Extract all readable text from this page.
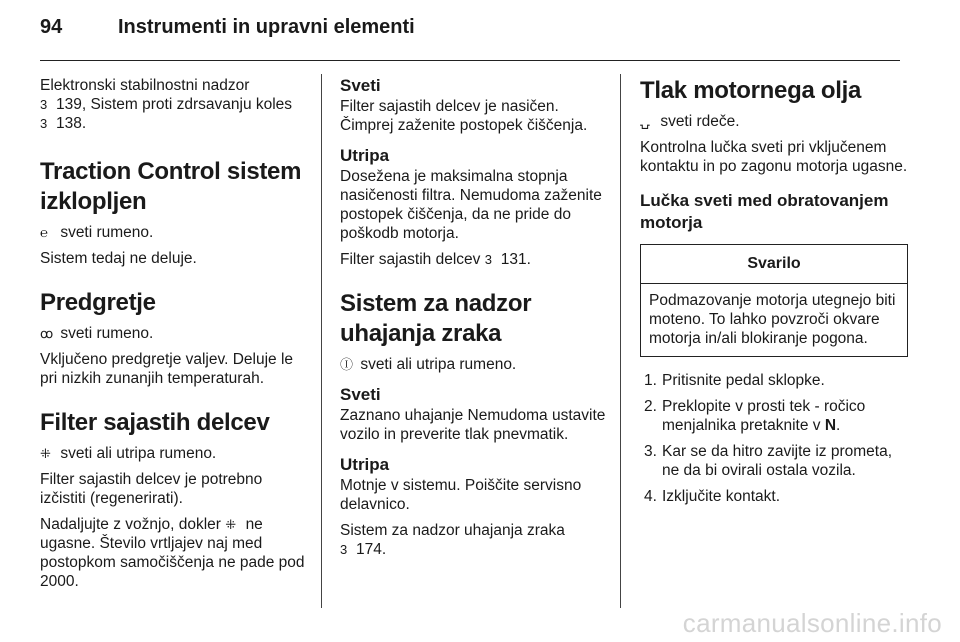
94	Instrumenti in upravni elementi

Elektronski stabilnostni nadzor
3 139, Sistem proti zdrsavanju koles
3 138.

Traction Control sistem izklopljen

℮ sveti rumeno.

Sistem tedaj ne deluje.

Predgretje

ꝏ sveti rumeno.

Vključeno predgretje valjev. Deluje le pri nizkih zunanjih temperaturah.

Filter sajastih delcev

⁜ sveti ali utripa rumeno.

Filter sajastih delcev je potrebno izčistiti (regenerirati).

Nadaljujte z vožnjo, dokler ⁜ ne ugasne. Število vrtljajev naj med postopkom samočiščenja ne pade pod 2000.

Sveti

Filter sajastih delcev je nasičen. Čimprej zaženite postopek čiščenja.

Utripa

Dosežena je maksimalna stopnja nasičenosti filtra. Nemudoma zaženite postopek čiščenja, da ne pride do poškodb motorja.

Filter sajastih delcev 3 131.

Sistem za nadzor uhajanja zraka

Ⓘ sveti ali utripa rumeno.

Sveti

Zaznano uhajanje Nemudoma ustavite vozilo in preverite tlak pnevmatik.

Utripa

Motnje v sistemu. Poiščite servisno delavnico.

Sistem za nadzor uhajanja zraka
3 174.

Tlak motornega olja

⍽ sveti rdeče.

Kontrolna lučka sveti pri vključenem kontaktu in po zagonu motorja ugasne.

Lučka sveti med obratovanjem motorja
Svarilo
Podmazovanje motorja utegnejo biti moteno. To lahko povzroči okvare motorja in/ali blokiranje pogona.
1. Pritisnite pedal sklopke.
2. Preklopite v prosti tek - ročico menjalnika pretaknite v N.
3. Kar se da hitro zavijte iz prometa, ne da bi ovirali ostala vozila.
4. Izključite kontakt.
carmanualsonline.info
